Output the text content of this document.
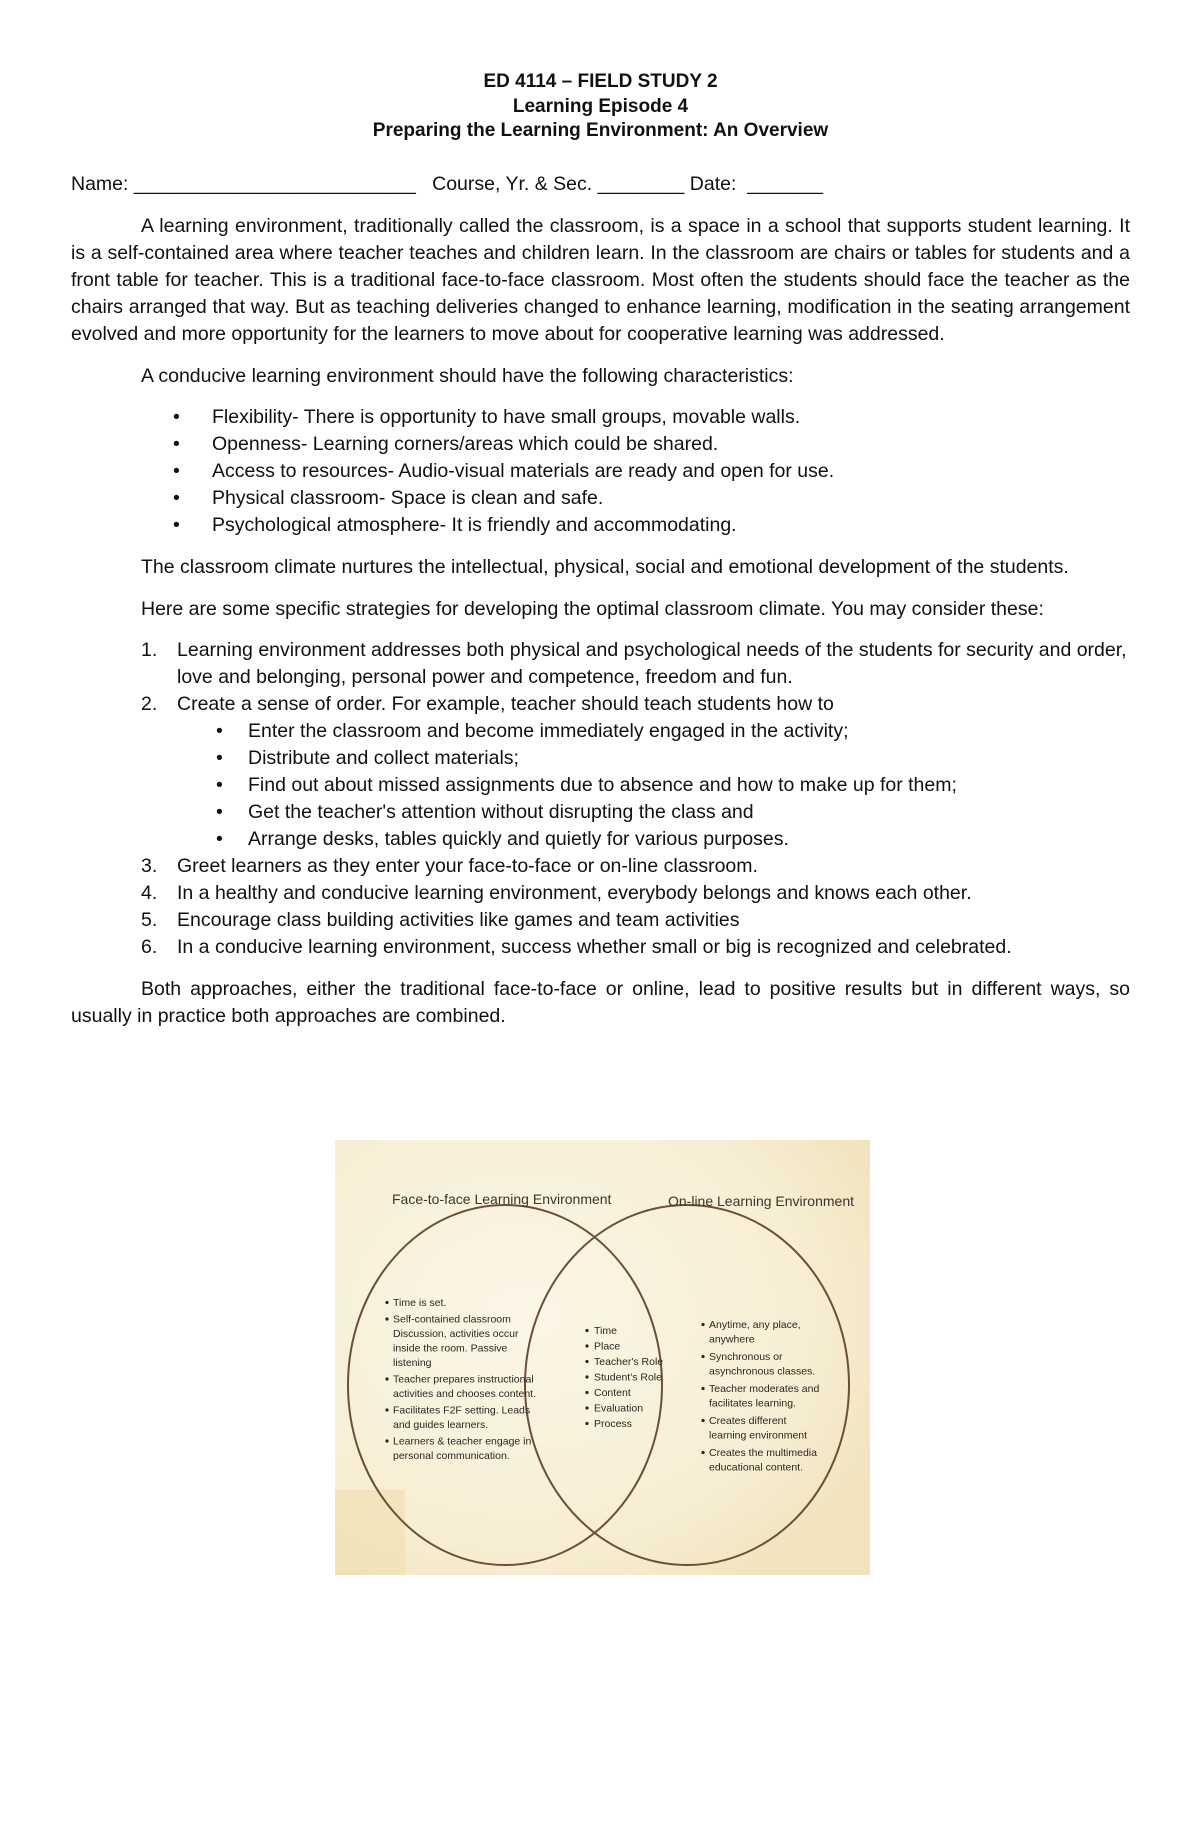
ED 4114 – FIELD STUDY 2
Learning Episode 4
Preparing the Learning Environment: An Overview
Name: __________________________ Course, Yr. & Sec. ________ Date: _______

A learning environment, traditionally called the classroom, is a space in a school that supports student learning. It is a self-contained area where teacher teaches and children learn. In the classroom are chairs or tables for students and a front table for teacher. This is a traditional face-to-face classroom. Most often the students should face the teacher as the chairs arranged that way. But as teaching deliveries changed to enhance learning, modification in the seating arrangement evolved and more opportunity for the learners to move about for cooperative learning was addressed.

A conducive learning environment should have the following characteristics:

• Flexibility- There is opportunity to have small groups, movable walls.
• Openness- Learning corners/areas which could be shared.
• Access to resources- Audio-visual materials are ready and open for use.
• Physical classroom- Space is clean and safe.
• Psychological atmosphere- It is friendly and accommodating.

The classroom climate nurtures the intellectual, physical, social and emotional development of the students.

Here are some specific strategies for developing the optimal classroom climate. You may consider these:

1. Learning environment addresses both physical and psychological needs of the students for security and order, love and belonging, personal power and competence, freedom and fun.
2. Create a sense of order. For example, teacher should teach students how to
• Enter the classroom and become immediately engaged in the activity;
• Distribute and collect materials;
• Find out about missed assignments due to absence and how to make up for them;
• Get the teacher's attention without disrupting the class and
• Arrange desks, tables quickly and quietly for various purposes.
3. Greet learners as they enter your face-to-face or on-line classroom.
4. In a healthy and conducive learning environment, everybody belongs and knows each other.
5. Encourage class building activities like games and team activities
6. In a conducive learning environment, success whether small or big is recognized and celebrated.

Both approaches, either the traditional face-to-face or online, lead to positive results but in different ways, so usually in practice both approaches are combined.

Face-to-face Learning Environment	On-line Learning Environment
Time is set.
Self-contained classroom
Discussion, activities occur
inside the room. Passive
listening
Teacher prepares instructional
activities and chooses content.
Facilitates F2F setting. Leads
and guides learners.
Learners & teacher engage in
personal communication.
Time
Place
Teacher's Role
Student's Role
Content
Evaluation
Process
Anytime, any place,
anywhere
Synchronous or
asynchronous classes.
Teacher moderates and
facilitates learning.
Creates different
learning environment
Creates the multimedia
educational content.
